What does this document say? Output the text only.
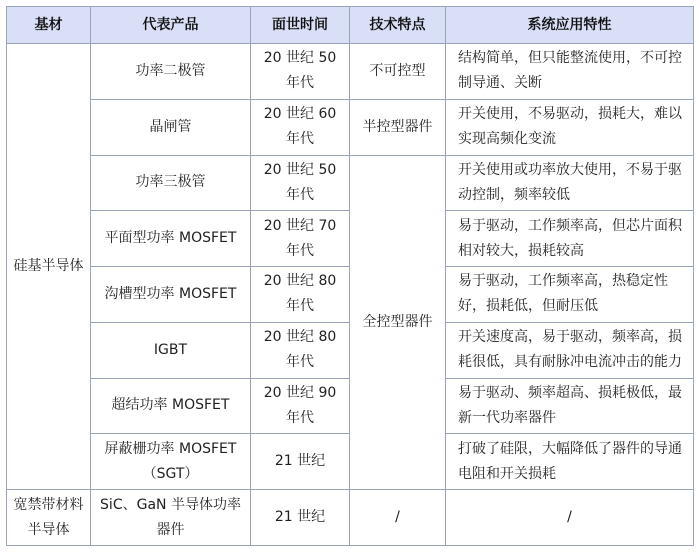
基材	代表产品	面世时间	技术特点	系统应用特性
硅基半导体	功率二极管	20 世纪 50 年代	不可控型	结构简单，但只能整流使用，不可控制导通、关断
	晶闸管	20 世纪 60 年代	半控型器件	开关使用，不易驱动，损耗大，难以实现高频化变流
	功率三极管	20 世纪 50 年代	全控型器件	开关使用或功率放大使用，不易于驱动控制，频率较低
	平面型功率 MOSFET	20 世纪 70 年代		易于驱动，工作频率高，但芯片面积相对较大，损耗较高
	沟槽型功率 MOSFET	20 世纪 80 年代		易于驱动，工作频率高，热稳定性好，损耗低，但耐压低
	IGBT	20 世纪 80 年代		开关速度高，易于驱动，频率高，损耗很低，具有耐脉冲电流冲击的能力
	超结功率 MOSFET	20 世纪 90 年代		易于驱动、频率超高、损耗极低，最新一代功率器件
	屏蔽栅功率 MOSFET（SGT）	21 世纪		打破了硅限，大幅降低了器件的导通电阻和开关损耗
宽禁带材料半导体	SiC、GaN 半导体功率器件	21 世纪	/	/
